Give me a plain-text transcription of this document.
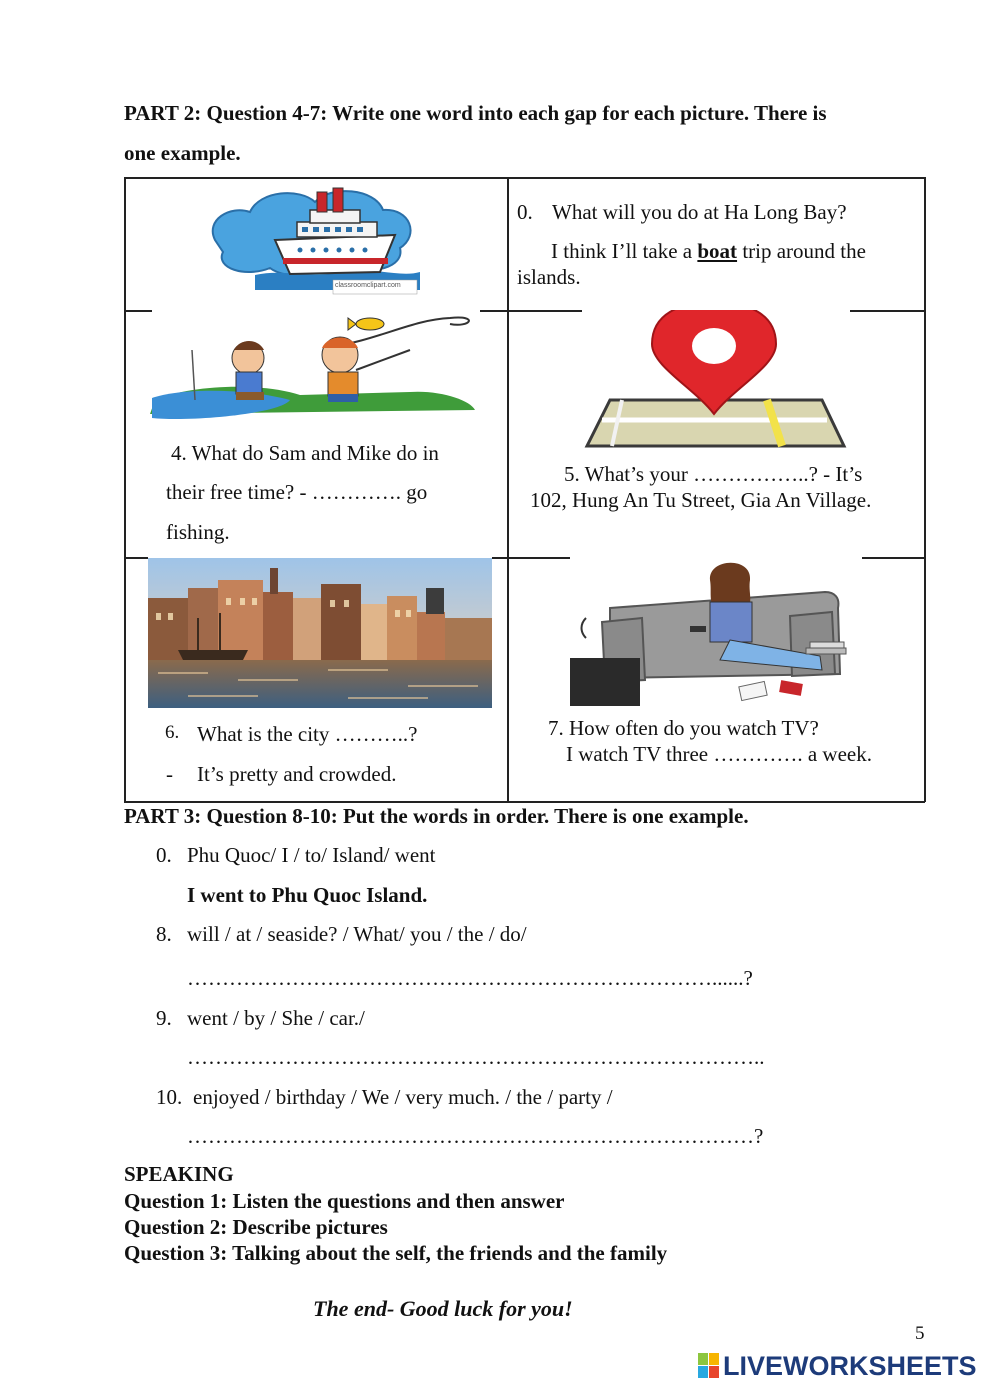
PART 2: Question 4-7: Write one word into each gap for each picture. There is
one example.
classroomclipart.com
0. What will you do at Ha Long Bay?
I think I’ll take a boat trip around the
islands.
4. What do Sam and Mike do in
their free time? - …………. go
fishing.
5. What’s your ……………..? - It’s
102, Hung An Tu Street, Gia An Village.
6. What is the city ………..?
- It’s pretty and crowded.
7. How often do you watch TV?
I watch TV three …………. a week.
PART 3: Question 8-10: Put the words in order. There is one example.
0. Phu Quoc/ I / to/ Island/ went
I went to Phu Quoc Island.
8. will / at / seaside? / What/ you / the / do/
…………………………………………………………………......?
9. went / by / She / car./
………………………………………………………………………..
10. enjoyed / birthday / We / very much. / the / party /
………………………………………………………………………?
SPEAKING
Question 1: Listen the questions and then answer
Question 2: Describe pictures
Question 3: Talking about the self, the friends and the family
The end- Good luck for you!
5
LIVEWORKSHEETS
